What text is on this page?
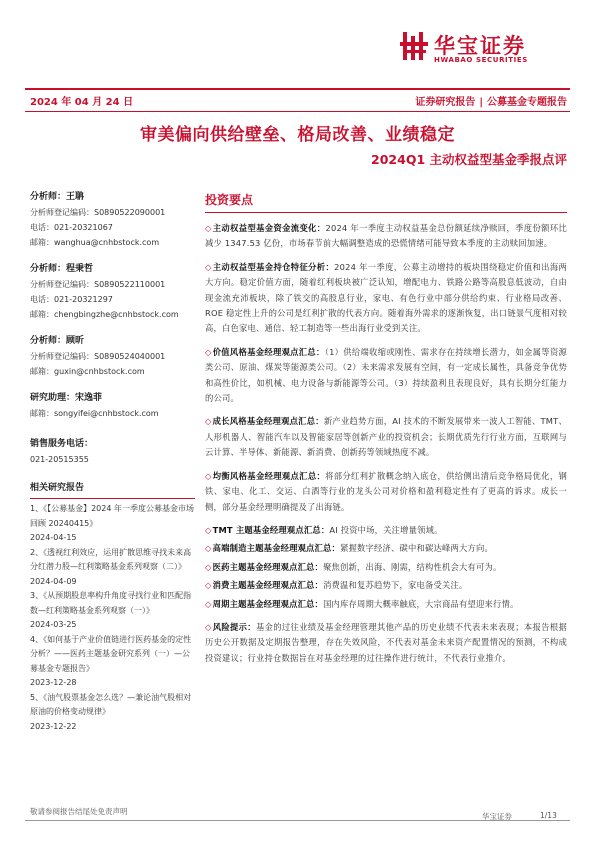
华宝证券
HWABAO SECURITIES
2024 年 04 月 24 日	证券研究报告 | 公募基金专题报告
审美偏向供给壁垒、格局改善、业绩稳定
2024Q1 主动权益型基金季报点评
分析师：王聃
分析师登记编码：S0890522090001
电话：021-20321067
邮箱：wanghua@cnhbstock.com
分析师：程秉哲
分析师登记编码：S0890522110001
电话：021-20321297
邮箱：chengbingzhe@cnhbstock.com
分析师：顾昕
分析师登记编码：S0890524040001
邮箱：guxin@cnhbstock.com
研究助理：宋逸菲
邮箱：songyifei@cnhbstock.com
销售服务电话：
021-20515355
相关研究报告
1、《【公募基金】2024 年一季度公募基金市场回顾 20240415》
2024-04-15
2、《透视红利效应，运用扩散思维寻找未来高分红潜力股—红利策略基金系列观察（二）》
2024-04-09
3、《从预期股息率构升角度寻找行业和匹配指数—红利策略基金系列观察（一）》
2024-03-25
4、《如何基于产业价值链进行医药基金的定性分析？——医药主题基金研究系列（一）—公募基金专题报告》
2023-12-28
5、《油气股票基金怎么选？—兼论油气股相对原油的价格变动规律》
2023-12-22
投资要点
◇主动权益型基金资金流变化：2024 年一季度主动权益基金总份额延续净赎回，季度份额环比减少 1347.53 亿份，市场春节前大幅调整造成的恐慌情绪可能导致本季度的主动赎回加速。
◇主动权益型基金持仓特征分析：2024 年一季度，公募主动增持的板块围绕稳定价值和出海两大方向。稳定价值方面，随着红利板块被广泛认知，增配电力、铁路公路等高股息低波动，自由现金流充沛板块，除了铁交的高股息行业，家电、有色行业中部分供给约束、行业格局改善、ROE 稳定性上升的公司是红利扩散的代表方向。随着海外需求的逐渐恢复，出口链景气度相对较高，白色家电、通信、轻工制造等一些出海行业受到关注。
◇价值风格基金经理观点汇总：（1）供给端收缩或刚性、需求存在持续增长潜力，如金属等资源类公司、原油、煤炭等能源类公司。（2）未来需求发展有空间，有一定成长属性，具备竞争优势和高性价比，如机械、电力设备与新能源等公司。（3）持续盈利且表现良好，具有长期分红能力的公司。
◇成长风格基金经理观点汇总：新产业趋势方面，AI 技术的不断发展带来一波人工智能、TMT、人形机器人、智能汽车以及智能家居等创新产业的投资机会；长期优质先行行业方面，互联网与云计算、半导体、新能源、新消费、创新药等领域热度不减。
◇均衡风格基金经理观点汇总：将部分红利扩散概念纳入底仓，供给侧出清后竞争格局优化，钢铁、家电、化工、交运、白酒等行业的龙头公司对价格和盈利稳定性有了更高的诉求。成长一侧，部分基金经理明确提及了出海链。
◇TMT 主题基金经理观点汇总：AI 投资中场，关注增量领域。
◇高端制造主题基金经理观点汇总：紧握数字经济、碳中和碳达峰两大方向。
◇医药主题基金经理观点汇总：聚焦创新，出海、刚需，结构性机会大有可为。
◇消费主题基金经理观点汇总：消费温和复苏趋势下，家电备受关注。
◇周期主题基金经理观点汇总：国内库存周期大概率触底，大宗商品有望迎来行情。
◇风险提示：基金的过往业绩及基金经理管理其他产品的历史业绩不代表未来表现；本报告根据历史公开数据及定期报告整理，存在失效风险，不代表对基金未来资产配置情况的预测，不构成投资建议；行业持仓数据旨在对基金经理的过往操作进行统计，不代表行业推介。
敬请参阅报告结尾处免责声明
华宝证券	1/13
